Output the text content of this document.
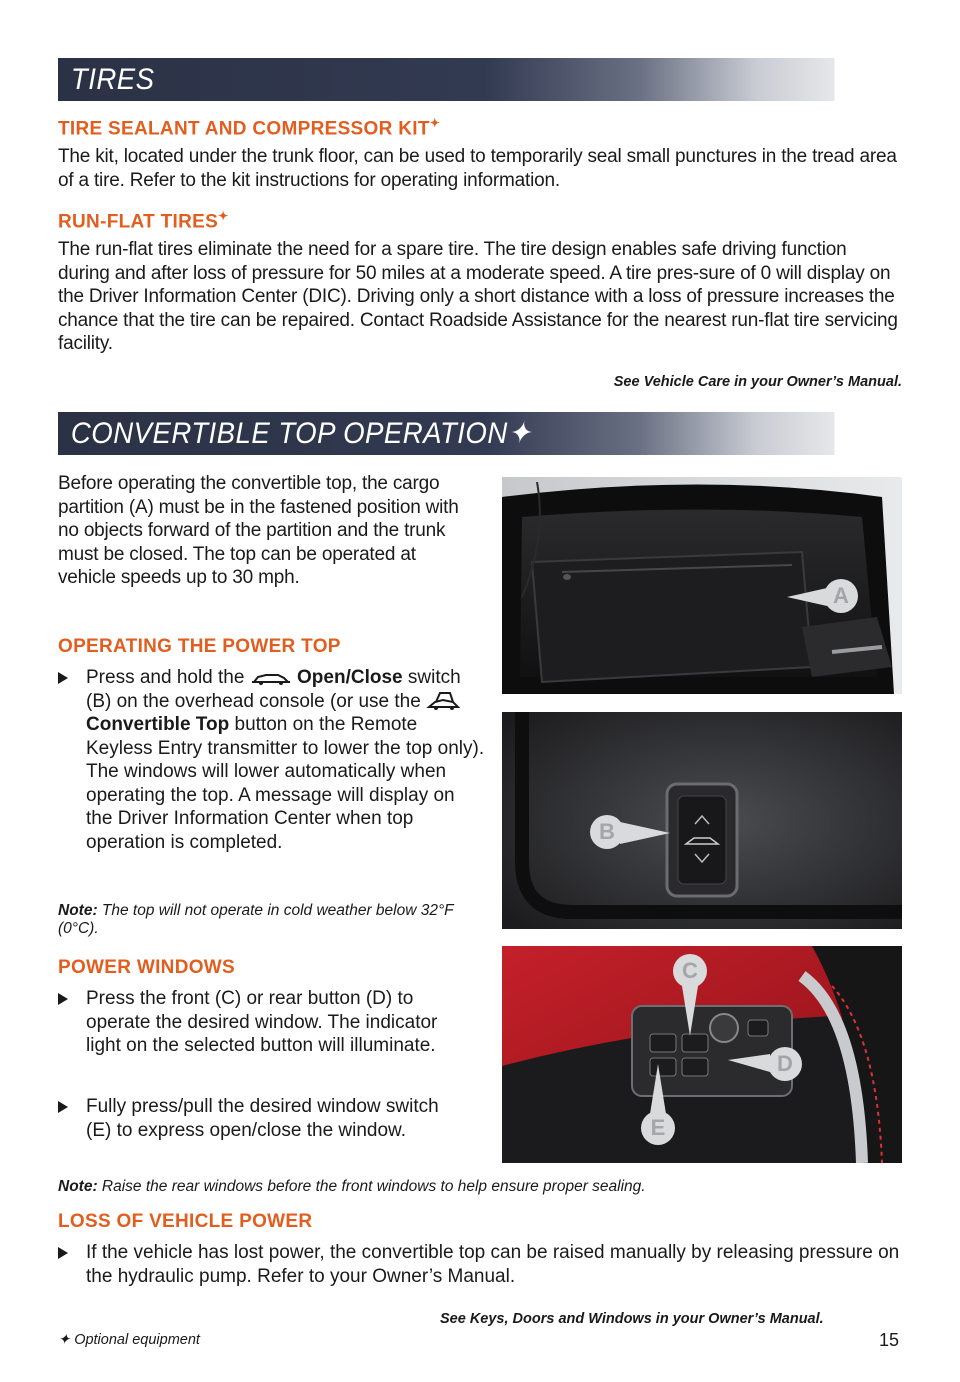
TIRES
TIRE SEALANT AND COMPRESSOR KIT✦
The kit, located under the trunk floor, can be used to temporarily seal small punctures in the tread area of a tire. Refer to the kit instructions for operating information.
RUN-FLAT TIRES✦
The run-flat tires eliminate the need for a spare tire. The tire design enables safe driving function during and after loss of pressure for 50 miles at a moderate speed. A tire pres-sure of 0 will display on the Driver Information Center (DIC). Driving only a short distance with a loss of pressure increases the chance that the tire can be repaired. Contact Roadside Assistance for the nearest run-flat tire servicing facility.
See Vehicle Care in your Owner’s Manual.
CONVERTIBLE TOP OPERATION✦
Before operating the convertible top, the cargo partition (A) must be in the fastened position with no objects forward of the partition and the trunk must be closed. The top can be operated at vehicle speeds up to 30 mph.
OPERATING THE POWER TOP
Press and hold the	Open/Close switch (B) on the overhead console (or use the  Convertible Top button on the Remote Keyless Entry transmitter to lower the top only). The windows will lower automatically when operating the top. A message will display on the Driver Information Center when top operation is completed.
Note: The top will not operate in cold weather below 32°F (0°C).
POWER WINDOWS
Press the front (C) or rear button (D) to operate the desired window. The indicator light on the selected button will illuminate.
Fully press/pull the desired window switch (E) to express open/close the window.
Note: Raise the rear windows before the front windows to help ensure proper sealing.
LOSS OF VEHICLE POWER
If the vehicle has lost power, the convertible top can be raised manually by releasing pressure on the hydraulic pump. Refer to your Owner’s Manual.
See Keys, Doors and Windows in your Owner’s Manual.
A
B
C
D
E
✦ Optional equipment	15
